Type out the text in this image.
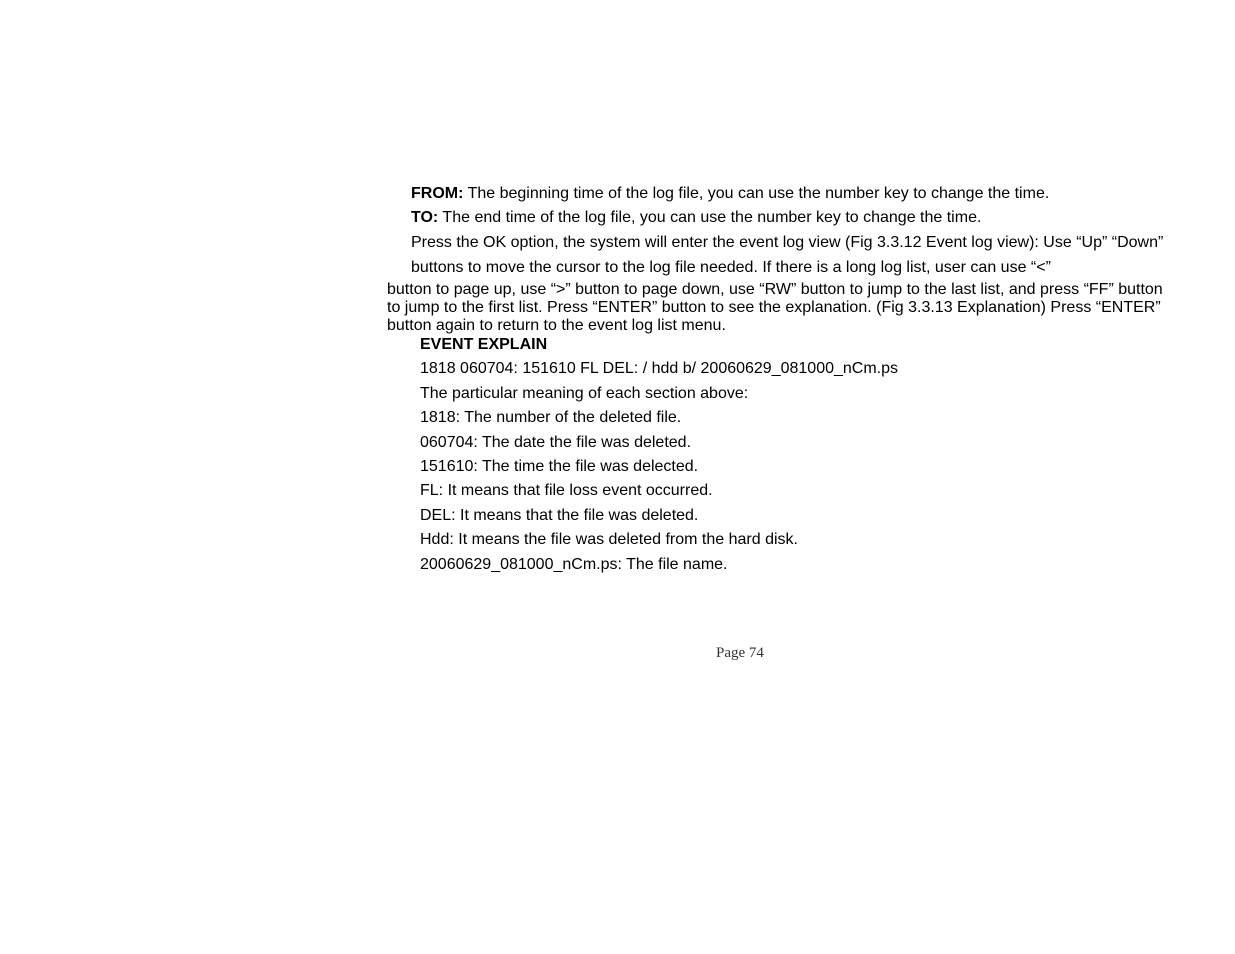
FROM: The beginning time of the log file, you can use the number key to change the time.
TO: The end time of the log file, you can use the number key to change the time.
Press the OK option, the system will enter the event log view (Fig 3.3.12 Event log view): Use “Up” “Down”
buttons to move the cursor to the log file needed. If there is a long log list, user can use “<”
button to page up, use “>” button to page down, use “RW” button to jump to the last list, and press “FF” button
to jump to the first list. Press “ENTER” button to see the explanation. (Fig 3.3.13 Explanation) Press “ENTER”
button again to return to the event log list menu.
EVENT EXPLAIN
1818 060704: 151610 FL DEL: / hdd b/ 20060629_081000_nCm.ps
The particular meaning of each section above:
1818: The number of the deleted file.
060704: The date the file was deleted.
151610: The time the file was delected.
FL: It means that file loss event occurred.
DEL: It means that the file was deleted.
Hdd: It means the file was deleted from the hard disk.
20060629_081000_nCm.ps: The file name.
Page 74
